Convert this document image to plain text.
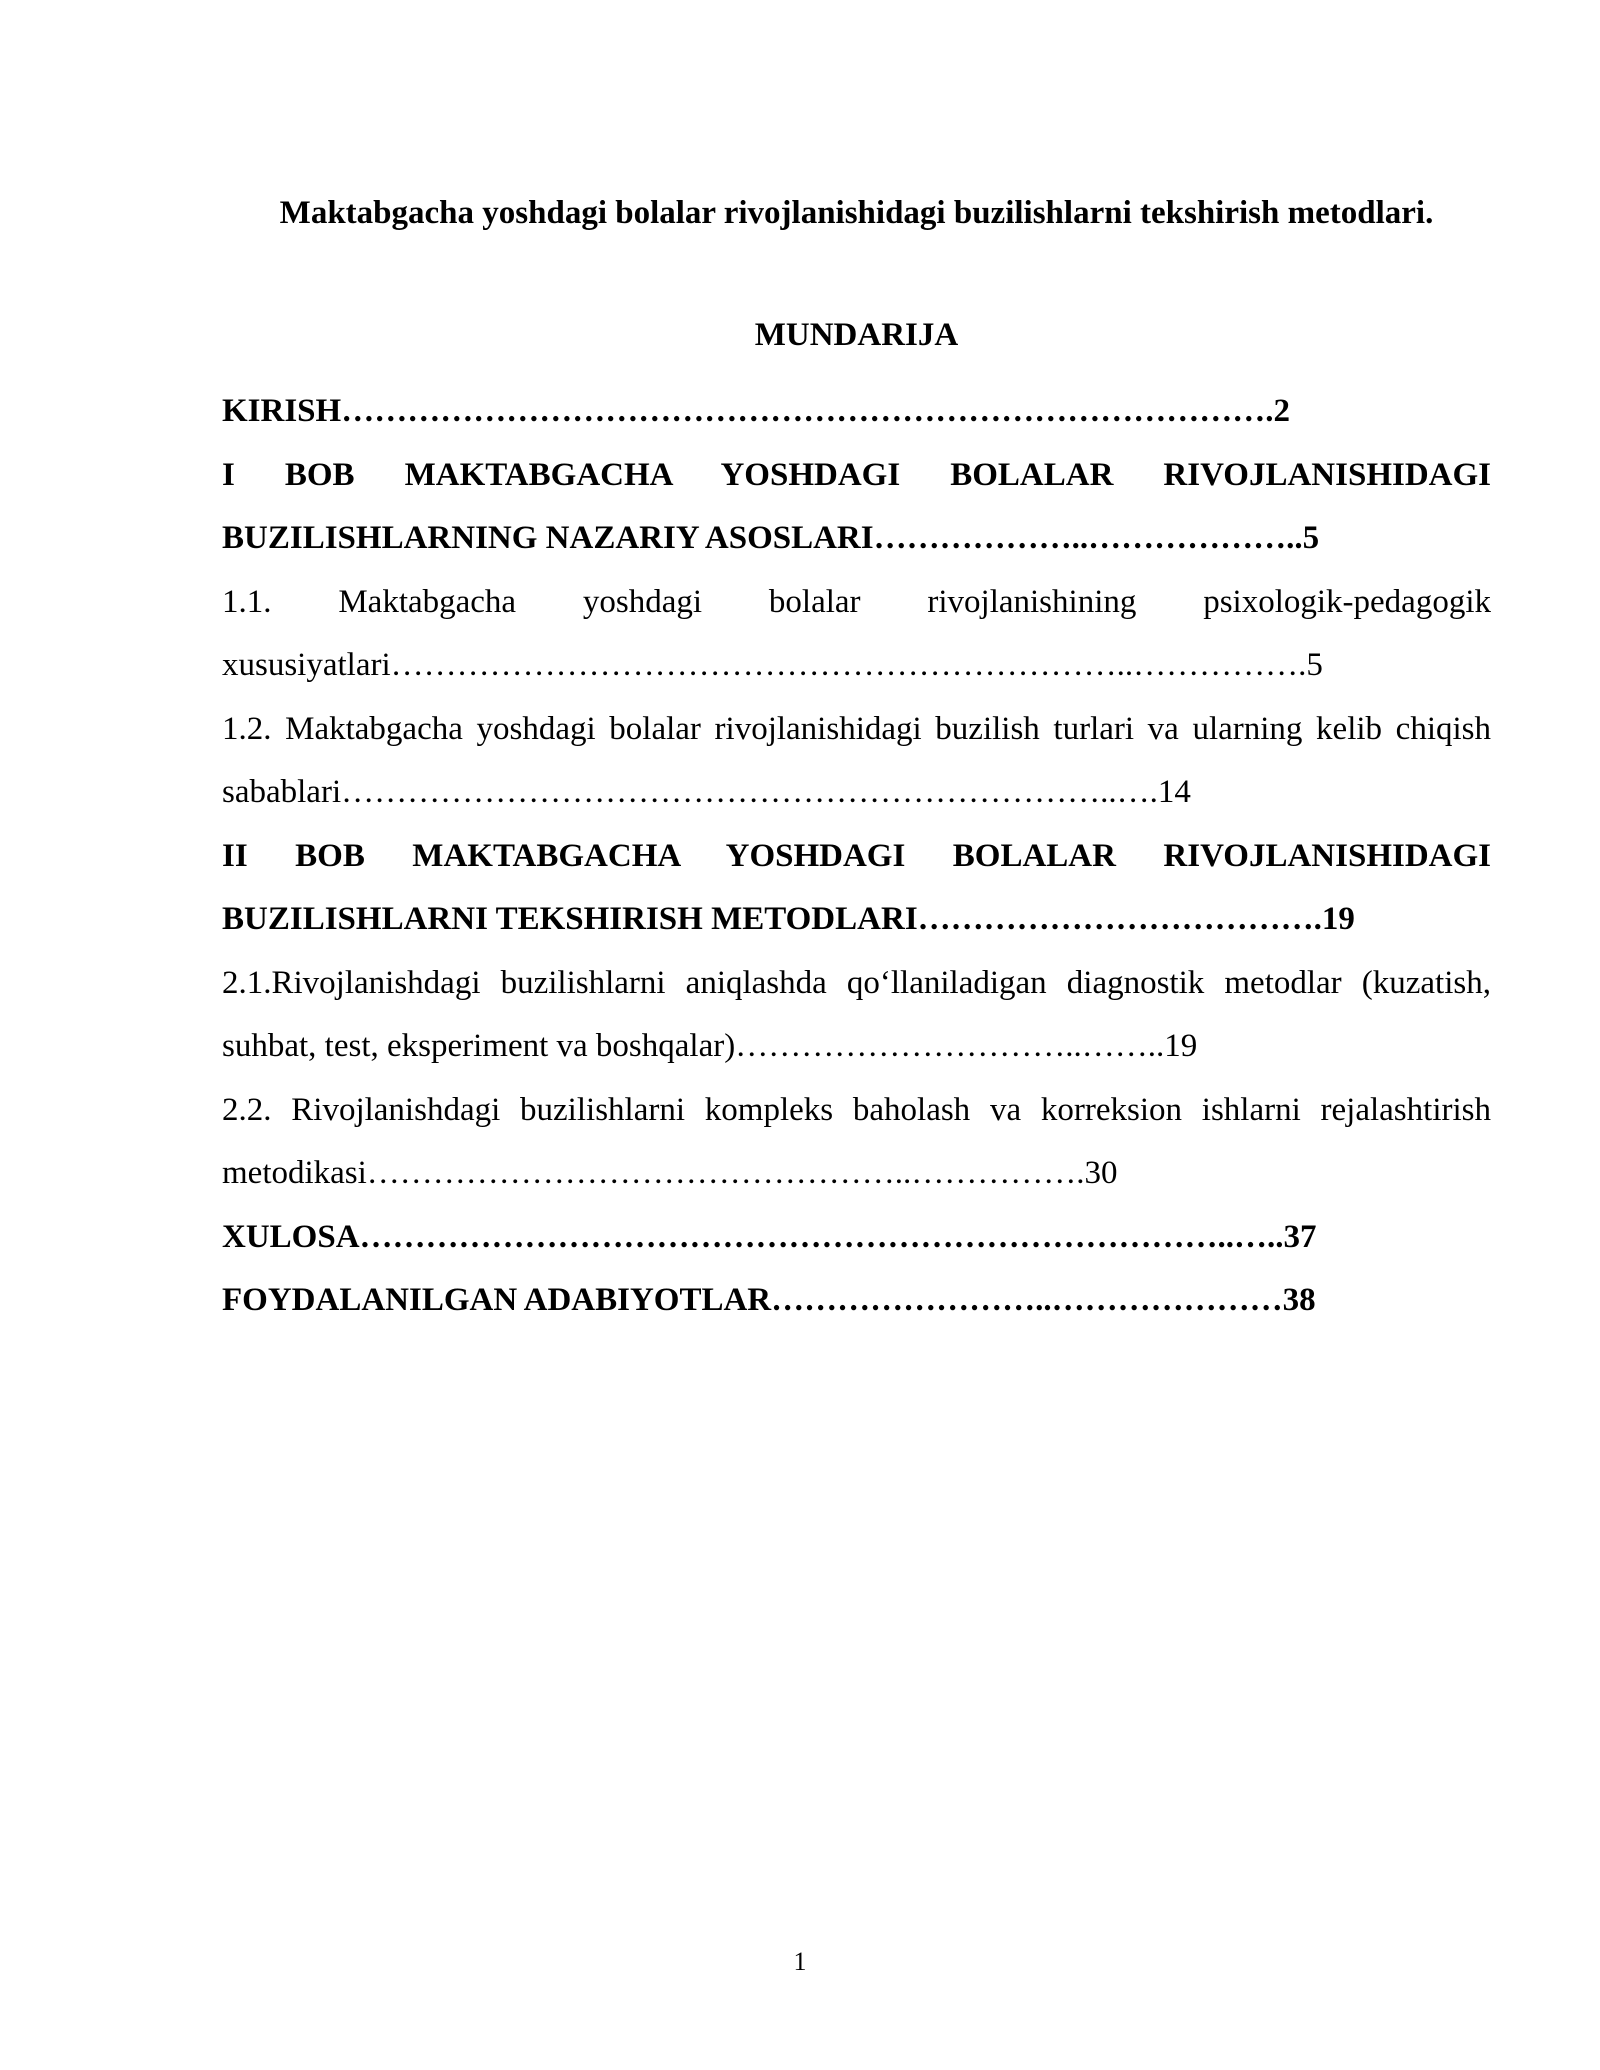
Maktabgacha yoshdagi bolalar rivojlanishidagi buzilishlarni tekshirish metodlari.
MUNDARIJA

KIRISH………………………………………………………………………….2

I BOB MAKTABGACHA YOSHDAGI BOLALAR RIVOJLANISHIDAGI BUZILISHLARNING NAZARIY ASOSLARI………………..………………..5

1.1. Maktabgacha yoshdagi bolalar rivojlanishining psixologik-pedagogik xususiyatlari…………………………………………………………..…………….5

1.2. Maktabgacha yoshdagi bolalar rivojlanishidagi buzilish turlari va ularning kelib chiqish sabablari……………………………………………………………..….14

II BOB MAKTABGACHA YOSHDAGI BOLALAR RIVOJLANISHIDAGI BUZILISHLARNI TEKSHIRISH METODLARI……………………………….19

2.1.Rivojlanishdagi buzilishlarni aniqlashda qo‘llaniladigan diagnostik metodlar (kuzatish, suhbat, test, eksperiment va boshqalar)…………………………..……..19

2.2. Rivojlanishdagi buzilishlarni kompleks baholash va korreksion ishlarni rejalashtirish metodikasi…………………………………………..…………….30

XULOSA……………………………………………………………………..…..37

FOYDALANILGAN ADABIYOTLAR……………………..…………………38

1
